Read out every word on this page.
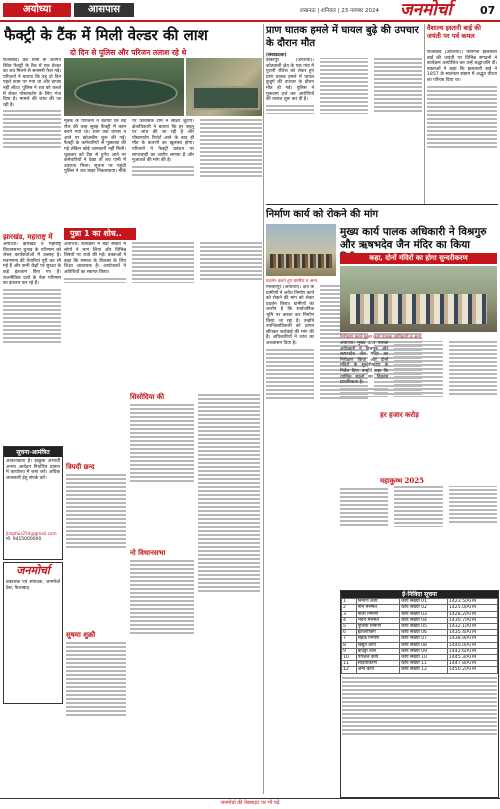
अयोध्या	आसपास	लखनऊ | शनिवार | 23 नवम्बर 2024 जनमोर्चा	07
फैक्ट्री के टैंक में मिली वेल्डर की लाश
दो दिन से पुलिस और परिजन तलाश रहे थे

फैजाबाद। कैंट थाना के अंतर्गत स्थित फैक्ट्री के टैंक में एक वेल्डर का शव मिलने से सनसनी फैल गई। परिजनों ने बताया कि वह दो दिन पहले काम पर गया था और वापस नहीं लौटा। पुलिस ने शव को कब्जे में लेकर पोस्टमार्टम के लिए भेज दिया है। मामले की जांच की जा रही है।

मृतक के परिजनों ने बताया कि वह रोज की तरह सुबह फैक्ट्री में काम करने गया था। शाम तक वापस न आने पर खोजबीन शुरू की गई। फैक्ट्री के कर्मचारियों से पूछताछ की गई लेकिन कोई जानकारी नहीं मिली। शुक्रवार को टैंक से दुर्गंध आने पर कर्मचारियों ने देखा तो शव पानी में उतराता मिला। सूचना पर पहुंची पुलिस ने शव बाहर निकलवाया। मौके पर फॉरेंसिक टीम ने साक्ष्य जुटाए। क्षेत्राधिकारी ने बताया कि हर पहलू पर जांच की जा रही है और पोस्टमार्टम रिपोर्ट आने के बाद ही मौत के कारणों का खुलासा होगा। परिजनों ने फैक्ट्री प्रबंधन पर लापरवाही का आरोप लगाया है और मुआवजे की मांग की है।

पुन्ना 1 का शोध..
झारखंड, महाराष्ट्र में

अयोध्या। झारखंड व महाराष्ट्र विधानसभा चुनाव के परिणाम को लेकर कार्यकर्ताओं में उत्साह है। मतगणना की तैयारियां पूरी कर ली गई हैं और सभी केंद्रों पर सुरक्षा के कड़े इंतजाम किए गए हैं। राजनीतिक दलों के नेता परिणाम का इंतजार कर रहे हैं।

सूचना-आमंत्रित
आवश्यकता है। इच्छुक अभ्यर्थी अपना आवेदन निर्धारित प्रारूप में कार्यालय में जमा करें। अधिक जानकारी हेतु संपर्क करें।
jlmpfaiz254@gmail.com
मो. 9415000000
जनमोर्चा
प्रकाशक एवं संपादक, जनमोर्चा प्रेस, फैजाबाद

अयोध्या। कार्यक्रम में बड़ी संख्या में लोगों ने भाग लिया और विभिन्न विषयों पर चर्चा की गई। वक्ताओं ने कहा कि समाज के विकास के लिए शिक्षा आवश्यक है। आयोजकों ने अतिथियों का स्वागत किया।

सिसोदिया की
त्रिपदी छन्द
नो विधानसभा
सुषमा शुक्रौ
निर्माण कार्य को रोकने की मांग
प्रदर्शन करते हुए ग्रामीण व अन्य

मिल्कीपुर (अयोध्या)। क्षेत्र के ग्रामीणों ने अवैध निर्माण कार्य को रोकने की मांग को लेकर प्रदर्शन किया। ग्रामीणों का आरोप है कि सार्वजनिक भूमि पर कब्जा कर निर्माण किया जा रहा है। उन्होंने उपजिलाधिकारी को ज्ञापन सौंपकर कार्रवाई की मांग की है। अधिकारियों ने जांच का आश्वासन दिया है।

प्राण घातक हमले में घायल बुढ़े की उपचार के दौरान मौत
(संवाददाता)

बीकापुर (अयोध्या)। कोतवाली क्षेत्र के एक गांव में पुरानी रंजिश को लेकर हुए प्राण घातक हमले में घायल बुजुर्ग की उपचार के दौरान मौत हो गई। पुलिस ने मुकदमा दर्ज कर आरोपियों की तलाश शुरू कर दी है।

वैशाल्य इस्तारी बाई की जयंती पर पर्व कमल

फैजाबाद (अयोध्या)। वीरांगना झलकारी बाई की जयंती पर विभिन्न संगठनों ने कार्यक्रम आयोजित कर उन्हें श्रद्धांजलि दी। वक्ताओं ने कहा कि झलकारी बाई ने 1857 के स्वतंत्रता संग्राम में अद्भुत वीरता का परिचय दिया था।

मुख्य कार्य पालक अधिकारी ने विश्रगुरु और ऋषभदेव जैन मंदिर का किया
कहा, दोनों मंदिरों का होगा सुन्दरीकरण
निरीक्षण करते मुख्य कार्य पालक अधिकारी व अन्य

अयोध्या। मुख्य कार्य पालक अधिकारी ने विश्रगुरु और ऋषभदेव जैन मंदिर का निरीक्षण किया और दोनों मंदिरों के सुन्दरीकरण के निर्देश दिए। उन्होंने कहा कि धार्मिक स्थलों का विकास प्राथमिकता है।

हर हजार करोड़
महाकुम्भ 2025
ई-निविदा सूचना
1	निर्माण कार्य	कार्य संख्या 01	1423.5/ATM
2	मार्ग मरम्मत	कार्य संख्या 02	1425.0/ATM
3	नाली निर्माण	कार्य संख्या 03	1428.2/ATM
4	भवन मरम्मत	कार्य संख्या 04	1430.7/ATM
5	पुलिया निर्माण	कार्य संख्या 05	1432.1/ATM
6	इंटरलॉकिंग	कार्य संख्या 06	1435.4/ATM
7	सड़क निर्माण	कार्य संख्या 07	1438.9/ATM
8	विद्युत कार्य	कार्य संख्या 08	1440.0/ATM
9	बाउंड्री वॉल	कार्य संख्या 09	1442.6/ATM
10	पेयजल कार्य	कार्य संख्या 10	1445.3/ATM
11	सौंदर्यीकरण	कार्य संख्या 11	1447.8/ATM
12	अन्य कार्य	कार्य संख्या 12	1450.2/ATM
जनमोर्चा की वेबसाइट पर भी पढ़ें
